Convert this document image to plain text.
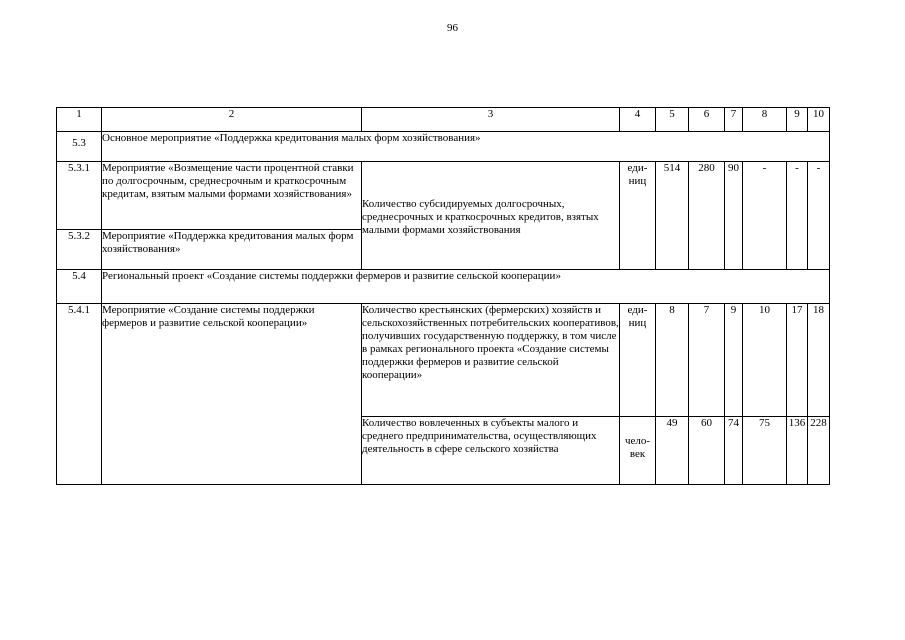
96
1	2	3	4	5	6	7	8	9	10
5.3	Основное мероприятие «Поддержка кредитования малых форм хозяйствования»								
5.3.1	Мероприятие «Возмещение части процентной ставки по долгосрочным, среднесрочным и краткосрочным кредитам, взятым малыми формами хозяйствования»	Количество субсидируемых долгосрочных, среднесрочных и краткосрочных кредитов, взятых малыми формами хозяйствования	еди-ниц	514	280	90	-	-	-
5.3.2	Мероприятие «Поддержка кредитования малых форм хозяйствования»								
5.4	Региональный проект «Создание системы поддержки фермеров и развитие сельской кооперации»								
5.4.1	Мероприятие «Создание системы поддержки фермеров и развитие сельской кооперации»	Количество крестьянских (фермерских) хозяйств и сельскохозяйственных потребительских кооперативов, получивших государственную поддержку, в том числе в рамках регионального проекта «Создание системы поддержки фермеров и развитие сельской кооперации»	еди-ниц	8	7	9	10	17	18
		Количество вовлеченных в субъекты малого и среднего предпринимательства, осуществляющих деятельность в сфере сельского хозяйства	чело-век	49	60	74	75	136	228
